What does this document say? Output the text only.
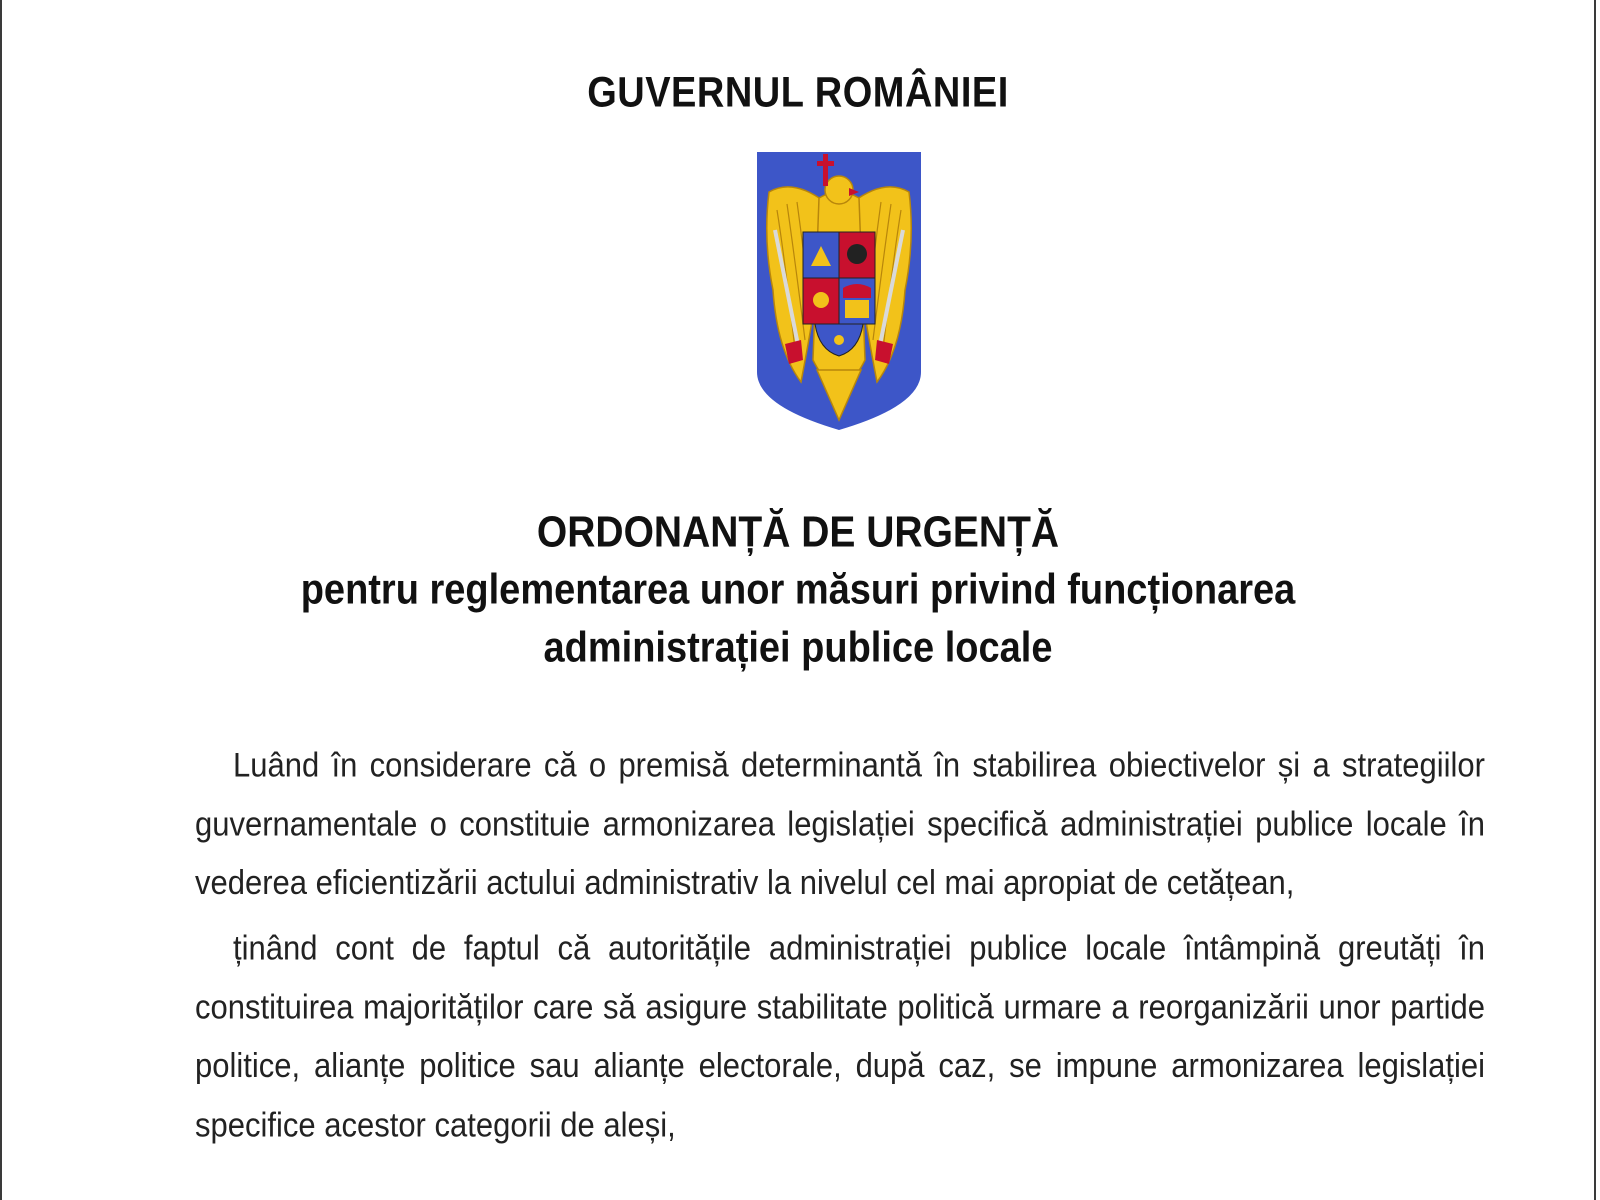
GUVERNUL ROMÂNIEI
ORDONANȚĂ DE URGENȚĂ
pentru reglementarea unor măsuri privind funcționarea
administrației publice locale

Luând în considerare că o premisă determinantă în stabilirea obiectivelor și a strategiilor guvernamentale o constituie armonizarea legislației specifică administrației publice locale în vederea eficientizării actului administrativ la nivelul cel mai apropiat de cetățean,

ținând cont de faptul că autoritățile administrației publice locale întâmpină greutăți în constituirea majorităților care să asigure stabilitate politică urmare a reorganizării unor partide politice, alianțe politice sau alianțe electorale, după caz, se impune armonizarea legislației specifice acestor categorii de aleși,
